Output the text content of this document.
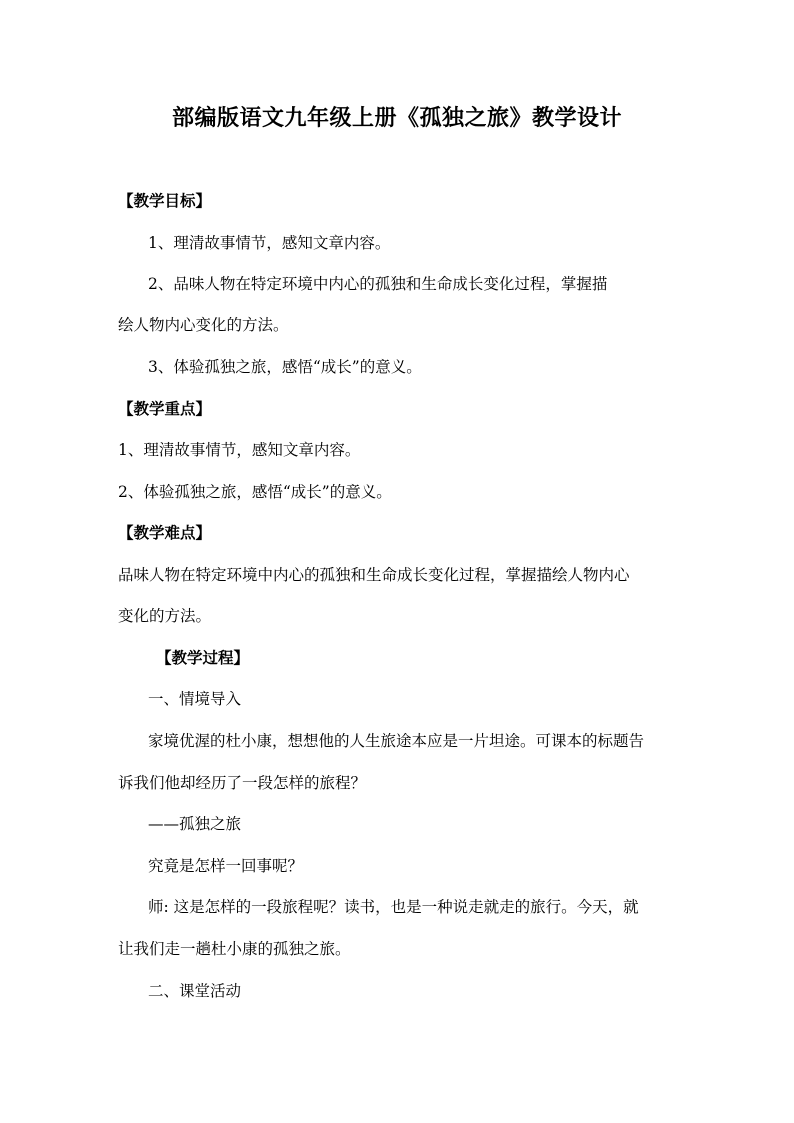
部编版语文九年级上册《孤独之旅》教学设计
【教学目标】
1、理清故事情节，感知文章内容。
2、品味人物在特定环境中内心的孤独和生命成长变化过程，掌握描
绘人物内心变化的方法。
3、体验孤独之旅，感悟“成长”的意义。
【教学重点】
1、理清故事情节，感知文章内容。
2、体验孤独之旅，感悟“成长”的意义。
【教学难点】
品味人物在特定环境中内心的孤独和生命成长变化过程，掌握描绘人物内心
变化的方法。
【教学过程】
一、情境导入
家境优渥的杜小康，想想他的人生旅途本应是一片坦途。可课本的标题告
诉我们他却经历了一段怎样的旅程？
——孤独之旅
究竟是怎样一回事呢？
师: 这是怎样的一段旅程呢？读书，也是一种说走就走的旅行。今天，就
让我们走一趟杜小康的孤独之旅。
二、课堂活动
